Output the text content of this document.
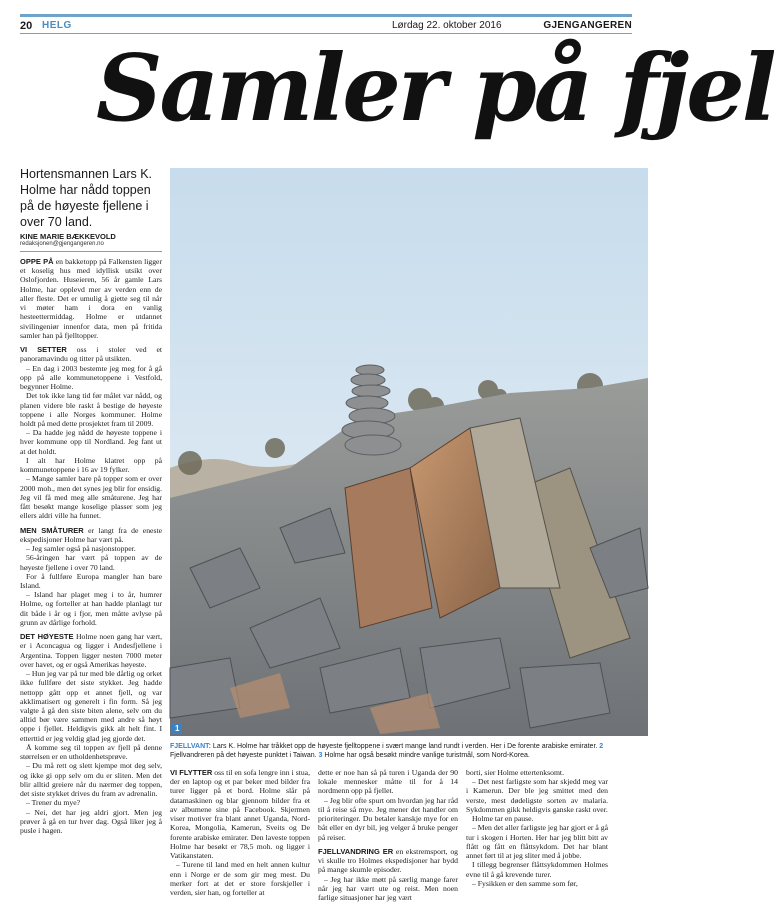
20 HELG	Lørdag 22. oktober 2016	GJENGANGEREN
Samler på fjel
Hortensmannen Lars K. Holme har nådd toppen på de høyeste fjellene i over 70 land.
KINE MARIE BÆKKEVOLD
redaksjonen@gjengangeren.no

OPPE PÅ en bakketopp på Falkensten ligger et koselig hus med idyllisk utsikt over Oslofjorden. Huseieren, 56 år gamle Lars Holme, har opplevd mer av verden enn de aller fleste. Det er umulig å gjette seg til når vi møter ham i dora en vanlig hesteettermiddag. Holme er utdannet sivilingeniør innenfor data, men på fritida samler han på fjelltopper.

VI SETTER oss i stoler ved et panoramavindu og titter på utsikten.

– En dag i 2003 bestemte jeg meg for å gå opp på alle kommunetoppene i Vestfold, begynner Holme.

Det tok ikke lang tid før målet var nådd, og planen videre ble raskt å bestige de høyeste toppene i alle Norges kommuner. Holme holdt på med dette prosjektet fram til 2009.

– Da hadde jeg nådd de høyeste toppene i hver kommune opp til Nordland. Jeg fant ut at det holdt.

I alt har Holme klatret opp på kommunetoppene i 16 av 19 fylker.

– Mange samler bare på topper som er over 2000 moh., men det synes jeg blir for ensidig. Jeg vil få med meg alle småturene. Jeg har fått besøkt mange koselige plasser som jeg ellers aldri ville ha funnet.

MEN SMÅTURER er langt fra de eneste ekspedisjoner Holme har vært på.

– Jeg samler også på nasjonstopper.

56-åringen har vært på toppen av de høyeste fjellene i over 70 land.

For å fullføre Europa mangler han bare Island.

– Island har plaget meg i to år, humrer Holme, og forteller at han hadde planlagt tur dit både i år og i fjor, men måtte avlyse på grunn av dårlige forhold.

DET HØYESTE Holme noen gang har vært, er i Aconcagua og ligger i Andesfjellene i Argentina. Toppen ligger nesten 7000 meter over havet, og er også Amerikas høyeste.

– Hun jeg var på tur med ble dårlig og orket ikke fullføre det siste stykket. Jeg hadde nettopp gått opp et annet fjell, og var akklimatisert og generelt i fin form. Så jeg valgte å gå den siste biten alene, selv om du alltid bør være sammen med andre så høyt oppe i fjellet. Heldigvis gikk alt helt fint. I etterttid er jeg veldig glad jeg gjorde det.

Å komme seg til toppen av fjell på denne størrelsen er en utholdenhetsprøve.

– Du må rett og slett kjempe mot deg selv, og ikke gi opp selv om du er sliten. Men det blir alltid greiere når du nærmer deg toppen, det siste stykket drives du fram av adrenalin.

– Trener du mye?

– Nei, det har jeg aldri gjort. Men jeg prøver å gå en tur hver dag. Også liker jeg å pusle i hagen.

1
FJELLVANT: Lars K. Holme har tråkket opp de høyeste fjelltoppene i svært mange land rundt i verden. Her i De forente arabiske emirater. 2 Fjellvandreren på det høyeste punktet i Taiwan. 3 Holme har også besøkt mindre vanlige turistmål, som Nord-Korea.

VI FLYTTER oss til en sofa lengre inn i stua, der en laptop og et par beker med bilder fra turer ligger på et bord. Holme slår på datamaskinen og blar gjennom bilder fra et av albumene sine på Facebook. Skjermen viser motiver fra blant annet Uganda, Nord-Korea, Mongolia, Kamerun, Sveits og De forente arabiske emirater. Den laveste toppen Holme har besøkt er 78,5 moh. og ligger i Vatikanstaten.

– Turene til land med en helt annen kultur enn i Norge er de som gir meg mest. Du merker fort at det er store forskjeller i verden, sier han, og forteller at

dette er noe han så på turen i Uganda der 90 lokale mennesker måtte til for å 14 nordmenn opp på fjellet.

– Jeg blir ofte spurt om hvordan jeg har råd til å reise så mye. Jeg mener det handler om prioriteringer. Du betaler kanskje mye for en båt eller en dyr bil, jeg velger å bruke penger på reiser.

FJELLVANDRING ER en ekstremsport, og vi skulle tro Holmes ekspedisjoner har bydd på mange skumle episoder.

– Jeg har ikke møtt på særlig mange farer når jeg har vært ute og reist. Men noen farlige situasjoner har jeg vært

borti, sier Holme ettertenksomt.

– Det nest farligste som har skjedd meg var i Kamerun. Der ble jeg smittet med den verste, mest dødeligste sorten av malaria. Sykdommen gikk heldigvis ganske raskt over.

Holme tar en pause.

– Men det aller farligste jeg har gjort er å gå tur i skogen i Horten. Her har jeg blitt bitt av flått og fått en flåttsykdom. Det har blant annet ført til at jeg sliter med å jobbe.

I tillegg begrenser flåttsykdommen Holmes evne til å gå krevende turer.

– Fysikken er den samme som før,
